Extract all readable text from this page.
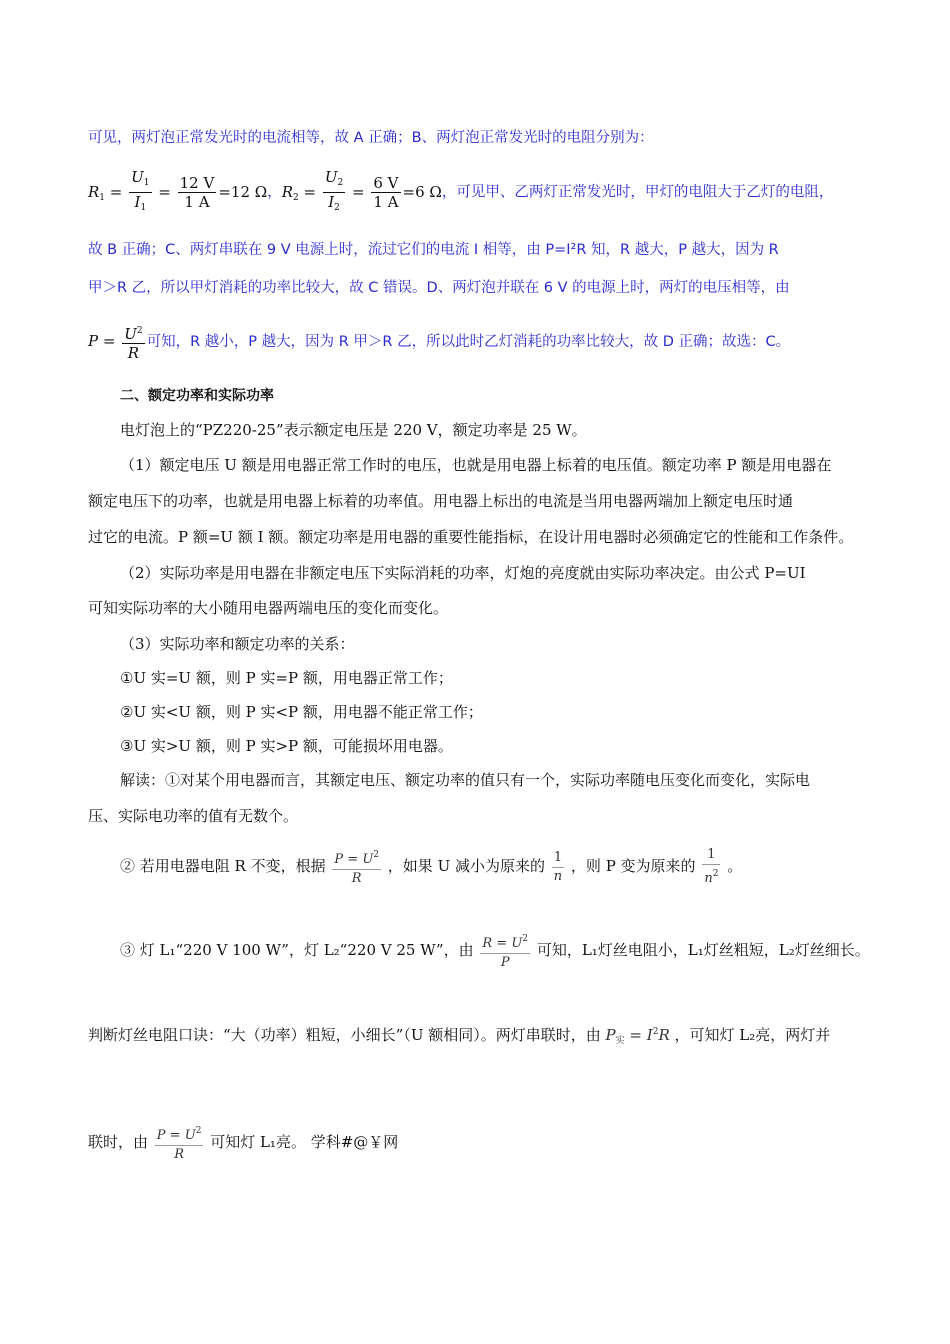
可见，两灯泡正常发光时的电流相等，故 A 正确；B、两灯泡正常发光时的电阻分别为：
$R_1 = \frac{U_1}{I_1} = \frac{12 V}{1 A} =12$ Ω，$R_2 = \frac{U_2}{I_2} = \frac{6 V}{1 A} =6$ Ω，可见甲、乙两灯正常发光时，甲灯的电阻大于乙灯的电阻，
故 B 正确；C、两灯串联在 9 V 电源上时，流过它们的电流 I 相等，由 P=I²R 知，R 越大，P 越大，因为 R
甲＞R 乙，所以甲灯消耗的功率比较大，故 C 错误。D、两灯泡并联在 6 V 的电源上时，两灯的电压相等，由
$P = \frac{U^2}{R}$ 可知，R 越小，P 越大，因为 R 甲＞R 乙，所以此时乙灯消耗的功率比较大，故 D 正确；故选：C。
二、额定功率和实际功率
电灯泡上的“PZ220-25”表示额定电压是 220 V，额定功率是 25 W。
（1）额定电压 U 额是用电器正常工作时的电压，也就是用电器上标着的电压值。额定功率 P 额是用电器在
额定电压下的功率，也就是用电器上标着的功率值。用电器上标出的电流是当用电器两端加上额定电压时通
过它的电流。P 额=U 额 I 额。额定功率是用电器的重要性能指标，在设计用电器时必须确定它的性能和工作条件。
（2）实际功率是用电器在非额定电压下实际消耗的功率，灯炮的亮度就由实际功率决定。由公式 P=UI
可知实际功率的大小随用电器两端电压的变化而变化。
（3）实际功率和额定功率的关系：
①U 实=U 额，则 P 实=P 额，用电器正常工作；
②U 实<U 额，则 P 实<P 额，用电器不能正常工作；
③U 实>U 额，则 P 实>P 额，可能损坏用电器。
解读：①对某个用电器而言，其额定电压、额定功率的值只有一个，实际功率随电压变化而变化，实际电
压、实际电功率的值有无数个。
② 若用电器电阻 R 不变，根据 $\frac{P = U^2}{R}$ ，如果 U 减小为原来的 $\frac{1}{n}$ ，则 P 变为原来的 $\frac{1}{n^2}$ 。
③ 灯 L₁“220 V 100 W”，灯 L₂“220 V 25 W”，由 $\frac{R = U^2}{P}$ 可知，L₁灯丝电阻小，L₁灯丝粗短，L₂灯丝细长。
判断灯丝电阻口诀：“大（功率）粗短，小细长”（U 额相同）。两灯串联时，由 $P_实 = I^2R$ ，可知灯 L₂亮，两灯并
联时，由 $\frac{P = U^2}{R}$ 可知灯 L₁亮。 学科#@￥网
